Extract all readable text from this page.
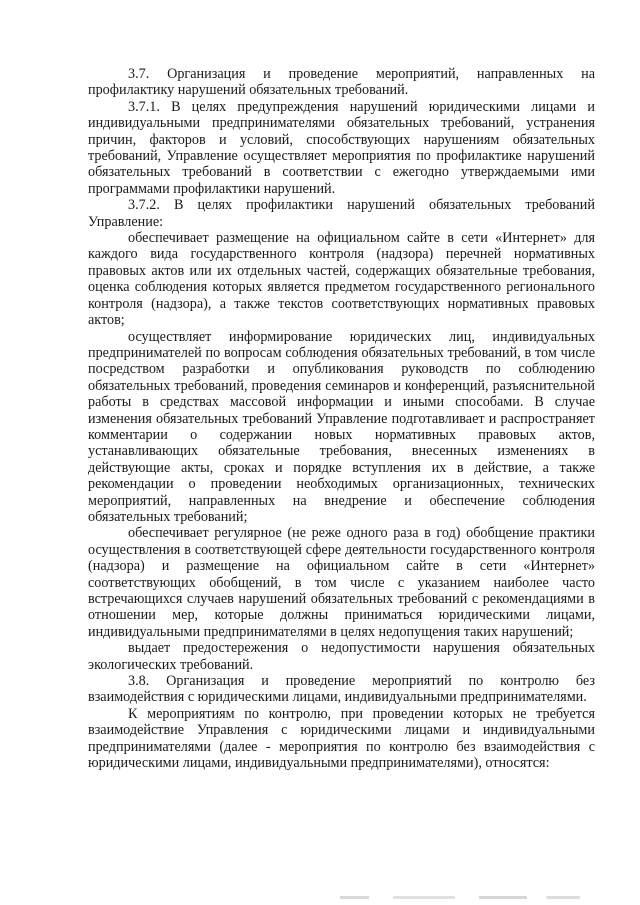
3.7. Организация и проведение мероприятий, направленных на профилактику нарушений обязательных требований.

3.7.1. В целях предупреждения нарушений юридическими лицами и индивидуальными предпринимателями обязательных требований, устранения причин, факторов и условий, способствующих нарушениям обязательных требований, Управление осуществляет мероприятия по профилактике нарушений обязательных требований в соответствии с ежегодно утверждаемыми ими программами профилактики нарушений.

3.7.2. В целях профилактики нарушений обязательных требований Управление:

обеспечивает размещение на официальном сайте в сети «Интернет» для каждого вида государственного контроля (надзора) перечней нормативных правовых актов или их отдельных частей, содержащих обязательные требования, оценка соблюдения которых является предметом государственного регионального контроля (надзора), а также текстов соответствующих нормативных правовых актов;

осуществляет информирование юридических лиц, индивидуальных предпринимателей по вопросам соблюдения обязательных требований, в том числе посредством разработки и опубликования руководств по соблюдению обязательных требований, проведения семинаров и конференций, разъяснительной работы в средствах массовой информации и иными способами. В случае изменения обязательных требований Управление подготавливает и распространяет комментарии о содержании новых нормативных правовых актов, устанавливающих обязательные требования, внесенных изменениях в действующие акты, сроках и порядке вступления их в действие, а также рекомендации о проведении необходимых организационных, технических мероприятий, направленных на внедрение и обеспечение соблюдения обязательных требований;

обеспечивает регулярное (не реже одного раза в год) обобщение практики осуществления в соответствующей сфере деятельности государственного контроля (надзора) и размещение на официальном сайте в сети «Интернет» соответствующих обобщений, в том числе с указанием наиболее часто встречающихся случаев нарушений обязательных требований с рекомендациями в отношении мер, которые должны приниматься юридическими лицами, индивидуальными предпринимателями в целях недопущения таких нарушений;

выдает предостережения о недопустимости нарушения обязательных экологических требований.

3.8. Организация и проведение мероприятий по контролю без взаимодействия с юридическими лицами, индивидуальными предпринимателями.

К мероприятиям по контролю, при проведении которых не требуется взаимодействие Управления с юридическими лицами и индивидуальными предпринимателями (далее - мероприятия по контролю без взаимодействия с юридическими лицами, индивидуальными предпринимателями), относятся:
